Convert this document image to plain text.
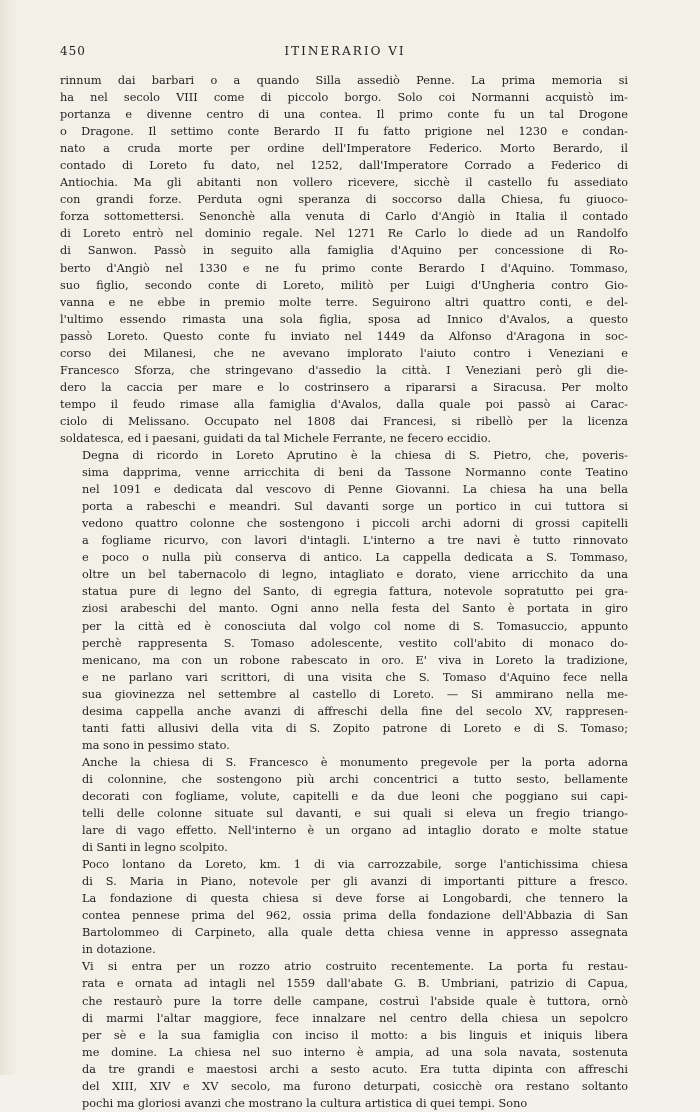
450	ITINERARIO VI

rinnum dai barbari o a quando Silla assediò Penne. La prima memoria si
ha nel secolo VIII come di piccolo borgo. Solo coi Normanni acquistò im-
portanza e divenne centro di una contea. Il primo conte fu un tal Drogone
o Dragone. Il settimo conte Berardo II fu fatto prigione nel 1230 e condan-
nato a cruda morte per ordine dell'Imperatore Federico. Morto Berardo, il
contado di Loreto fu dato, nel 1252, dall'Imperatore Corrado a Federico di
Antiochia. Ma gli abitanti non vollero ricevere, sicchè il castello fu assediato
con grandi forze. Perduta ogni speranza di soccorso dalla Chiesa, fu giuoco-
forza sottomettersi. Senonchè alla venuta di Carlo d'Angiò in Italia il contado
di Loreto entrò nel dominio regale. Nel 1271 Re Carlo lo diede ad un Randolfo
di Sanwon. Passò in seguito alla famiglia d'Aquino per concessione di Ro-
berto d'Angiò nel 1330 e ne fu primo conte Berardo I d'Aquino. Tommaso,
suo figlio, secondo conte di Loreto, militò per Luigi d'Ungheria contro Gio-
vanna e ne ebbe in premio molte terre. Seguirono altri quattro conti, e del-
l'ultimo essendo rimasta una sola figlia, sposa ad Innico d'Avalos, a questo
passò Loreto. Questo conte fu inviato nel 1449 da Alfonso d'Aragona in soc-
corso dei Milanesi, che ne avevano implorato l'aiuto contro i Veneziani e
Francesco Sforza, che stringevano d'assedio la città. I Veneziani però gli die-
dero la caccia per mare e lo costrinsero a ripararsi a Siracusa. Per molto
tempo il feudo rimase alla famiglia d'Avalos, dalla quale poi passò ai Carac-
ciolo di Melissano. Occupato nel 1808 dai Francesi, si ribellò per la licenza
soldatesca, ed i paesani, guidati da tal Michele Ferrante, ne fecero eccidio.

Degna di ricordo in Loreto Aprutino è la chiesa di S. Pietro, che, poveris-
sima dapprima, venne arricchita di beni da Tassone Normanno conte Teatino
nel 1091 e dedicata dal vescovo di Penne Giovanni. La chiesa ha una bella
porta a rabeschi e meandri. Sul davanti sorge un portico in cui tuttora si
vedono quattro colonne che sostengono i piccoli archi adorni di grossi capitelli
a fogliame ricurvo, con lavori d'intagli. L'interno a tre navi è tutto rinnovato
e poco o nulla più conserva di antico. La cappella dedicata a S. Tommaso,
oltre un bel tabernacolo di legno, intagliato e dorato, viene arricchito da una
statua pure di legno del Santo, di egregia fattura, notevole sopratutto pei gra-
ziosi arabeschi del manto. Ogni anno nella festa del Santo è portata in giro
per la città ed è conosciuta dal volgo col nome di S. Tomasuccio, appunto
perchè rappresenta S. Tomaso adolescente, vestito coll'abito di monaco do-
menicano, ma con un robone rabescato in oro. E' viva in Loreto la tradizione,
e ne parlano vari scrittori, di una visita che S. Tomaso d'Aquino fece nella
sua giovinezza nel settembre al castello di Loreto. — Si ammirano nella me-
desima cappella anche avanzi di affreschi della fine del secolo XV, rappresen-
tanti fatti allusivi della vita di S. Zopito patrone di Loreto e di S. Tomaso;
ma sono in pessimo stato.

Anche la chiesa di S. Francesco è monumento pregevole per la porta adorna
di colonnine, che sostengono più archi concentrici a tutto sesto, bellamente
decorati con fogliame, volute, capitelli e da due leoni che poggiano sui capi-
telli delle colonne situate sul davanti, e sui quali si eleva un fregio triango-
lare di vago effetto. Nell'interno è un organo ad intaglio dorato e molte statue
di Santi in legno scolpito.

Poco lontano da Loreto, km. 1 di via carrozzabile, sorge l'antichissima chiesa
di S. Maria in Piano, notevole per gli avanzi di importanti pitture a fresco.
La fondazione di questa chiesa si deve forse ai Longobardi, che tennero la
contea pennese prima del 962, ossia prima della fondazione dell'Abbazia di San
Bartolommeo di Carpineto, alla quale detta chiesa venne in appresso assegnata
in dotazione.

Vi si entra per un rozzo atrio costruito recentemente. La porta fu restau-
rata e ornata ad intagli nel 1559 dall'abate G. B. Umbriani, patrizio di Capua,
che restaurò pure la torre delle campane, costruì l'abside quale è tuttora, ornò
di marmi l'altar maggiore, fece innalzare nel centro della chiesa un sepolcro
per sè e la sua famiglia con inciso il motto: a bis linguis et iniquis libera
me domine. La chiesa nel suo interno è ampia, ad una sola navata, sostenuta
da tre grandi e maestosi archi a sesto acuto. Era tutta dipinta con affreschi
del XIII, XIV e XV secolo, ma furono deturpati, cosicchè ora restano soltanto
pochi ma gloriosi avanzi che mostrano la cultura artistica di quei tempi. Sono
